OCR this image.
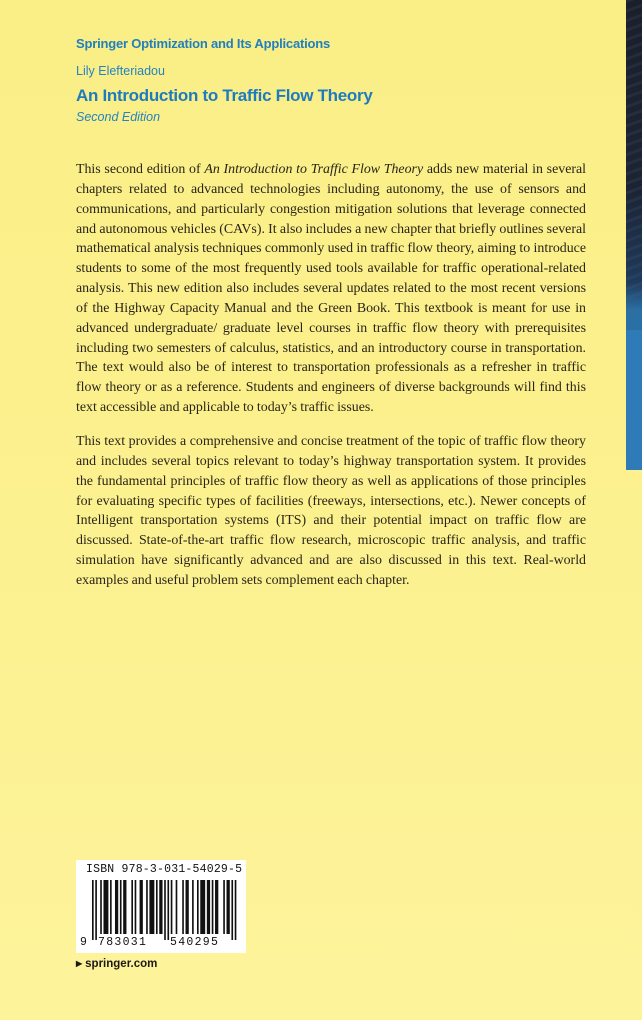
Springer Optimization and Its Applications
Lily Elefteriadou
An Introduction to Traffic Flow Theory
Second Edition

This second edition of An Introduction to Traffic Flow Theory adds new material in several chapters related to advanced technologies including autonomy, the use of sensors and communications, and particularly congestion mitigation solutions that leverage connected and autonomous vehicles (CAVs). It also includes a new chapter that briefly outlines several mathematical analysis techniques commonly used in traffic flow theory, aiming to introduce students to some of the most frequently used tools available for traffic operational-related analysis. This new edition also includes several updates related to the most recent versions of the Highway Capacity Manual and the Green Book. This textbook is meant for use in advanced undergraduate/ graduate level courses in traffic flow theory with prerequisites including two semesters of calculus, statistics, and an introductory course in transportation. The text would also be of interest to transportation professionals as a refresher in traffic flow theory or as a reference. Students and engineers of diverse backgrounds will find this text accessible and applicable to today’s traffic issues.

This text provides a comprehensive and concise treatment of the topic of traffic flow theory and includes several topics relevant to today’s highway transportation system. It provides the fundamental principles of traffic flow theory as well as applications of those principles for evaluating specific types of facilities (freeways, intersections, etc.). Newer concepts of Intelligent transportation systems (ITS) and their potential impact on traffic flow are discussed. State-of-the-art traffic flow research, microscopic traffic analysis, and traffic simulation have significantly advanced and are also discussed in this text. Real-world examples and useful problem sets complement each chapter.

ISBN 978-3-031-54029-5
9 783031 540295
▶ springer.com
